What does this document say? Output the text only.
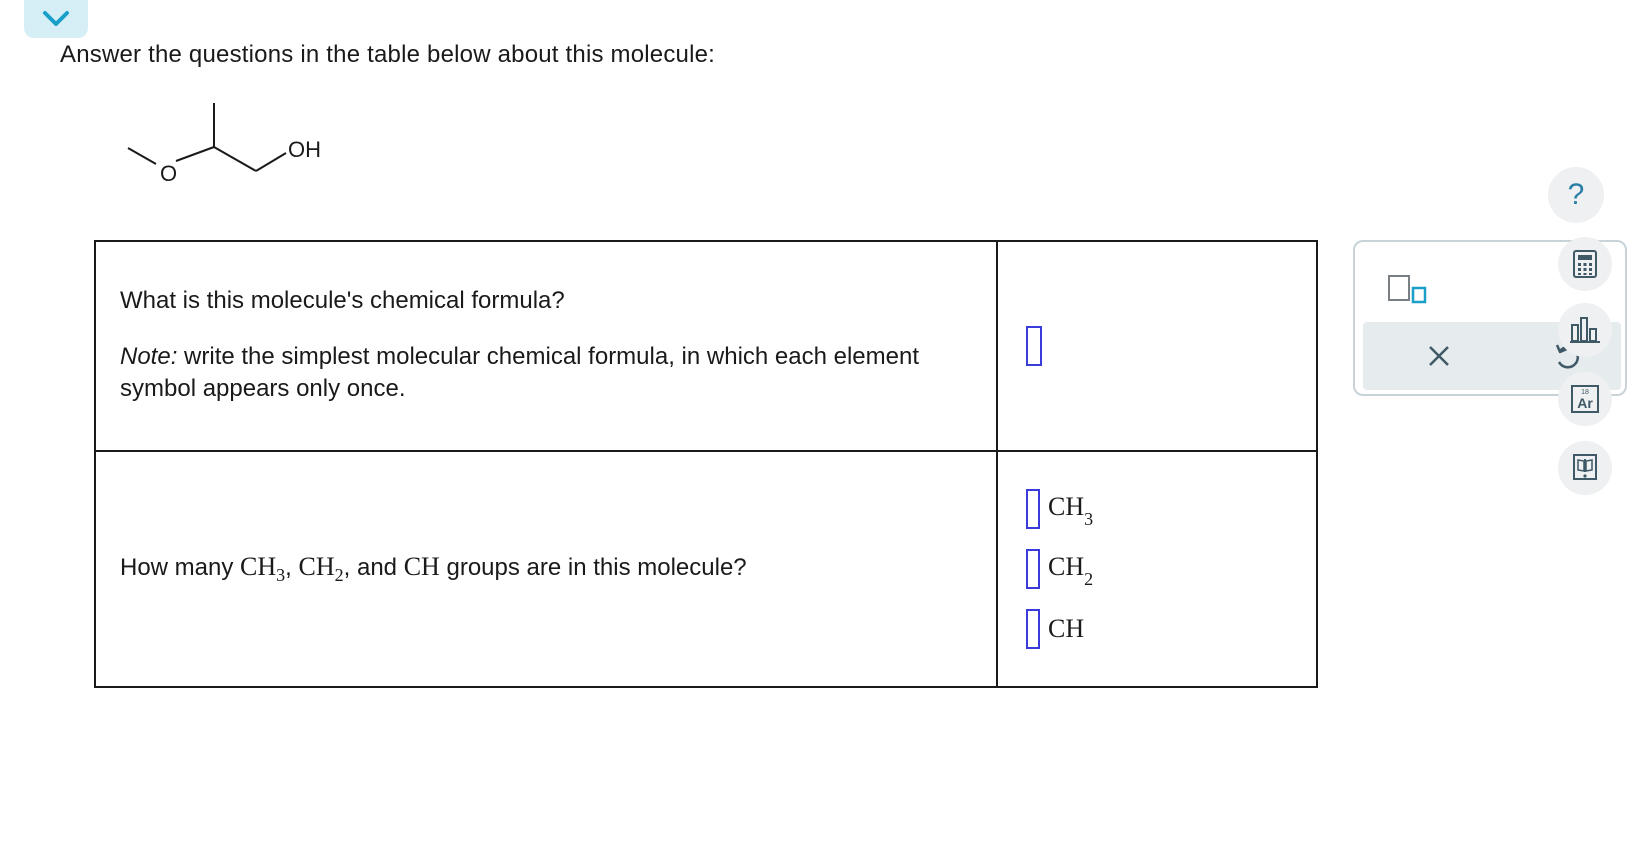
Answer the questions in the table below about this molecule:
O
OH
What is this molecule's chemical formula?
Note: write the simplest molecular chemical formula, in which each element symbol appears only once.	

How many $CH_3$, $CH_2$, and CH groups are in this molecule?	$CH_3$
$CH_2$
CH
?
18
Ar
